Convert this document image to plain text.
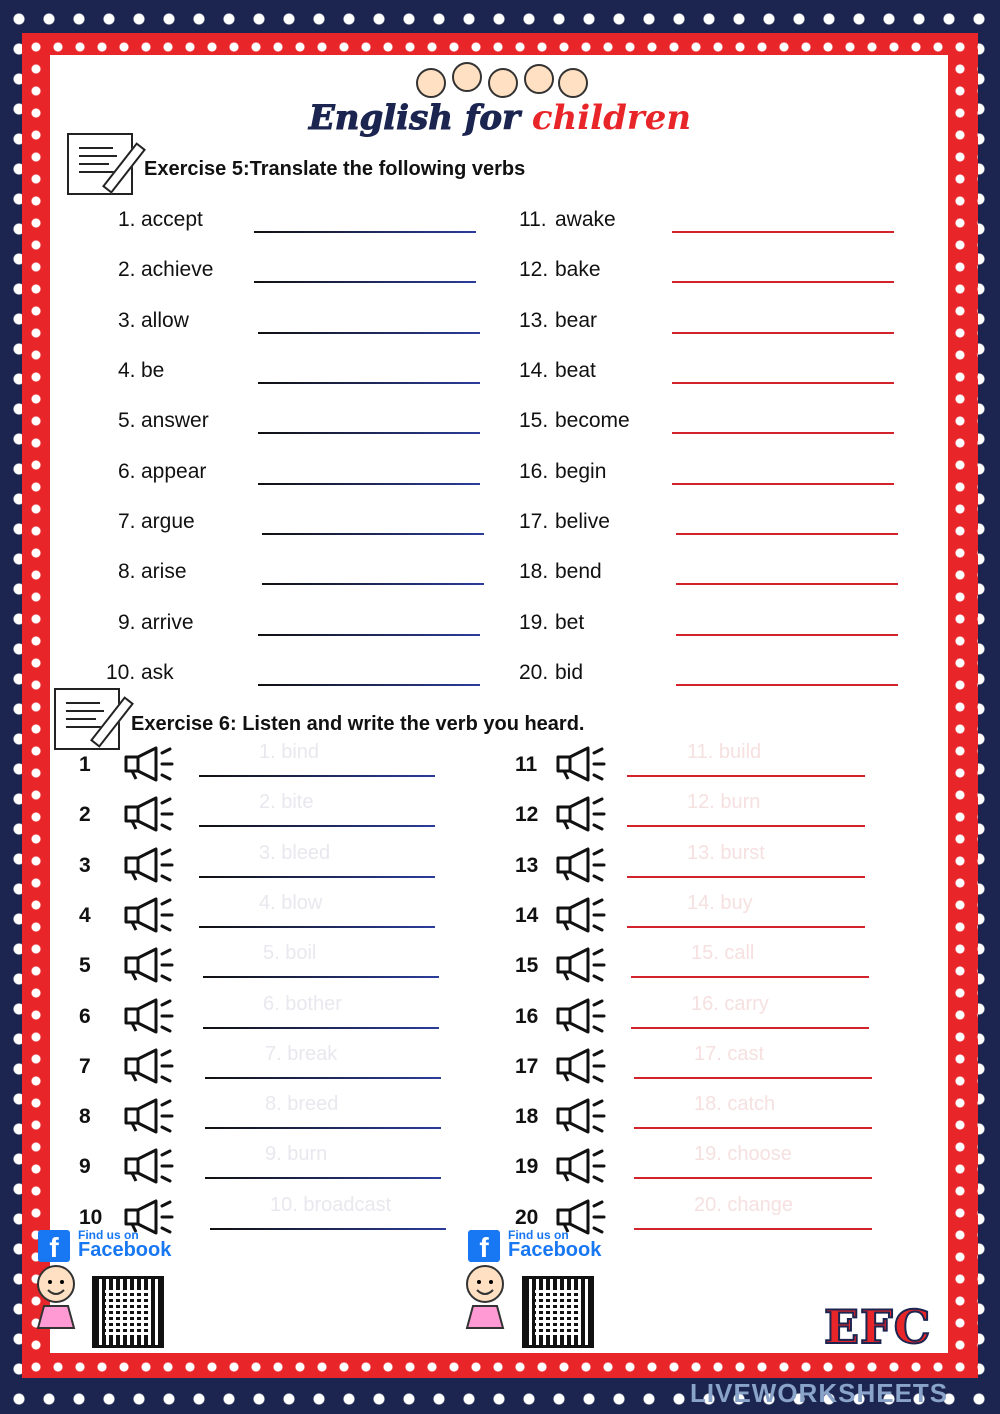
English for children
Exercise 5:Translate the following verbs
1. accept
2. achieve
3. allow
4. be
5. answer
6. appear
7. argue
8. arise
9. arrive
10. ask
11. awake
12. bake
13. bear
14. beat
15. become
16. begin
17. belive
18. bend
19. bet
20. bid
Exercise 6: Listen and write the verb you heard.
1
1. bind
2
2. bite
3
3. bleed
4
4. blow
5
5. boil
6
6. bother
7
7. break
8
8. breed
9
9. burn
10
10. broadcast
11
11. build
12
12. burn
13
13. burst
14
14. buy
15
15. call
16
16. carry
17
17. cast
18
18. catch
19
19. choose
20
20. change
f	Find us on
Facebook	f	Find us on
Facebook
EFC
LIVEWORKSHEETS
